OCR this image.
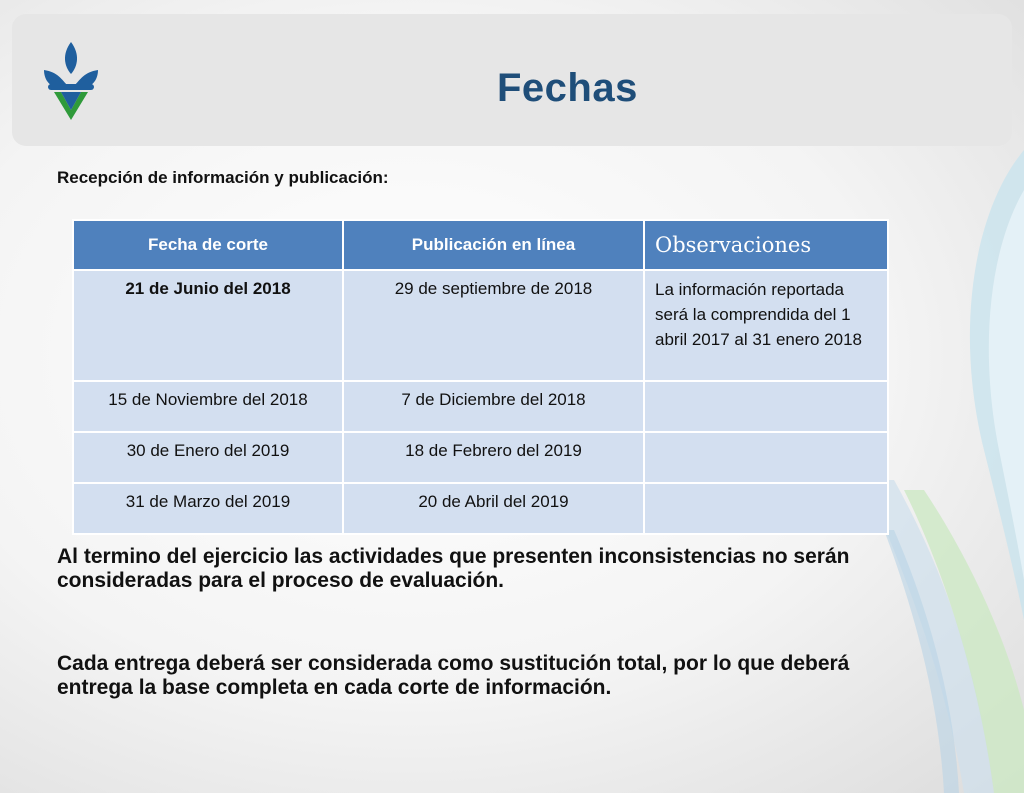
Fechas
Recepción de información y publicación:
Fecha de corte	Publicación en línea	Observaciones
21 de Junio del 2018	29 de septiembre de 2018	La información reportada será la comprendida del 1 abril 2017 al 31 enero 2018
15 de Noviembre del 2018	7 de Diciembre del 2018	
30 de Enero del 2019	18 de Febrero del 2019	
31 de Marzo del 2019	20 de Abril del 2019	
Al termino del ejercicio las actividades que presenten inconsistencias no serán consideradas para el proceso de evaluación.
Cada entrega deberá ser considerada como sustitución total, por lo que deberá entrega la base completa en cada corte de información.
